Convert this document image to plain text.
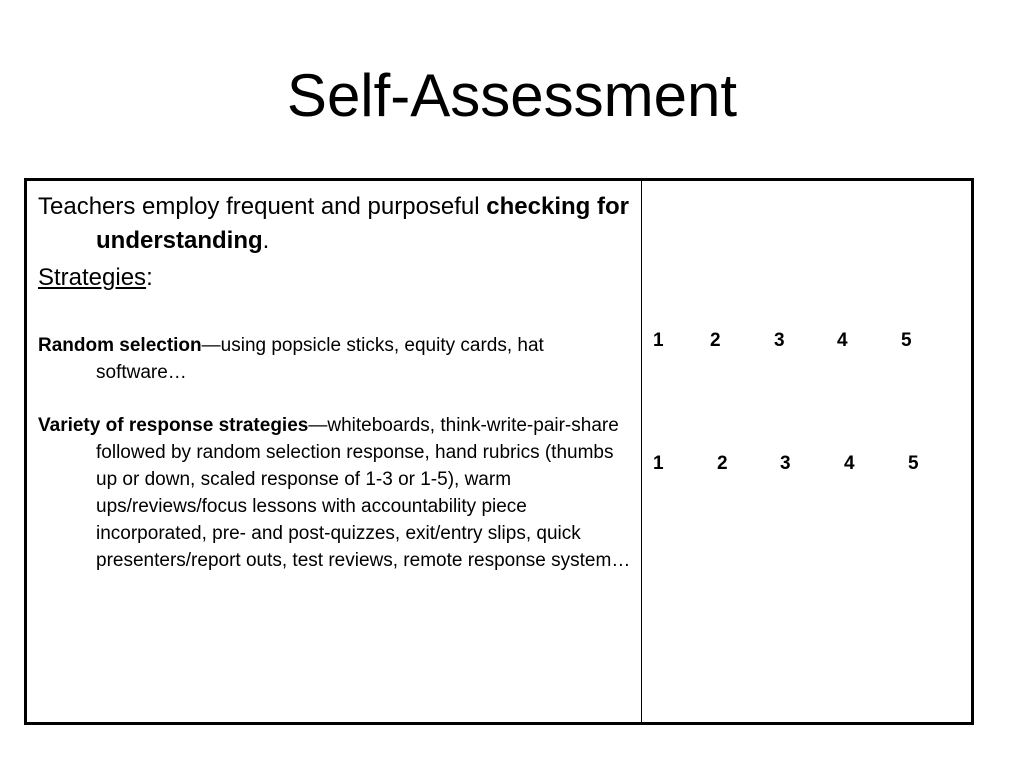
Self-Assessment

Teachers employ frequent and purposeful checking for understanding.

Strategies:

Random selection—using popsicle sticks, equity cards, hat software…

Variety of response strategies—whiteboards, think-write-pair-share followed by random selection response, hand rubrics (thumbs up or down, scaled response of 1-3 or 1-5), warm ups/reviews/focus lessons with accountability piece incorporated, pre- and post-quizzes, exit/entry slips, quick presenters/report outs, test reviews, remote response system…

1 2	3	4	5
1	2	3	4	5
